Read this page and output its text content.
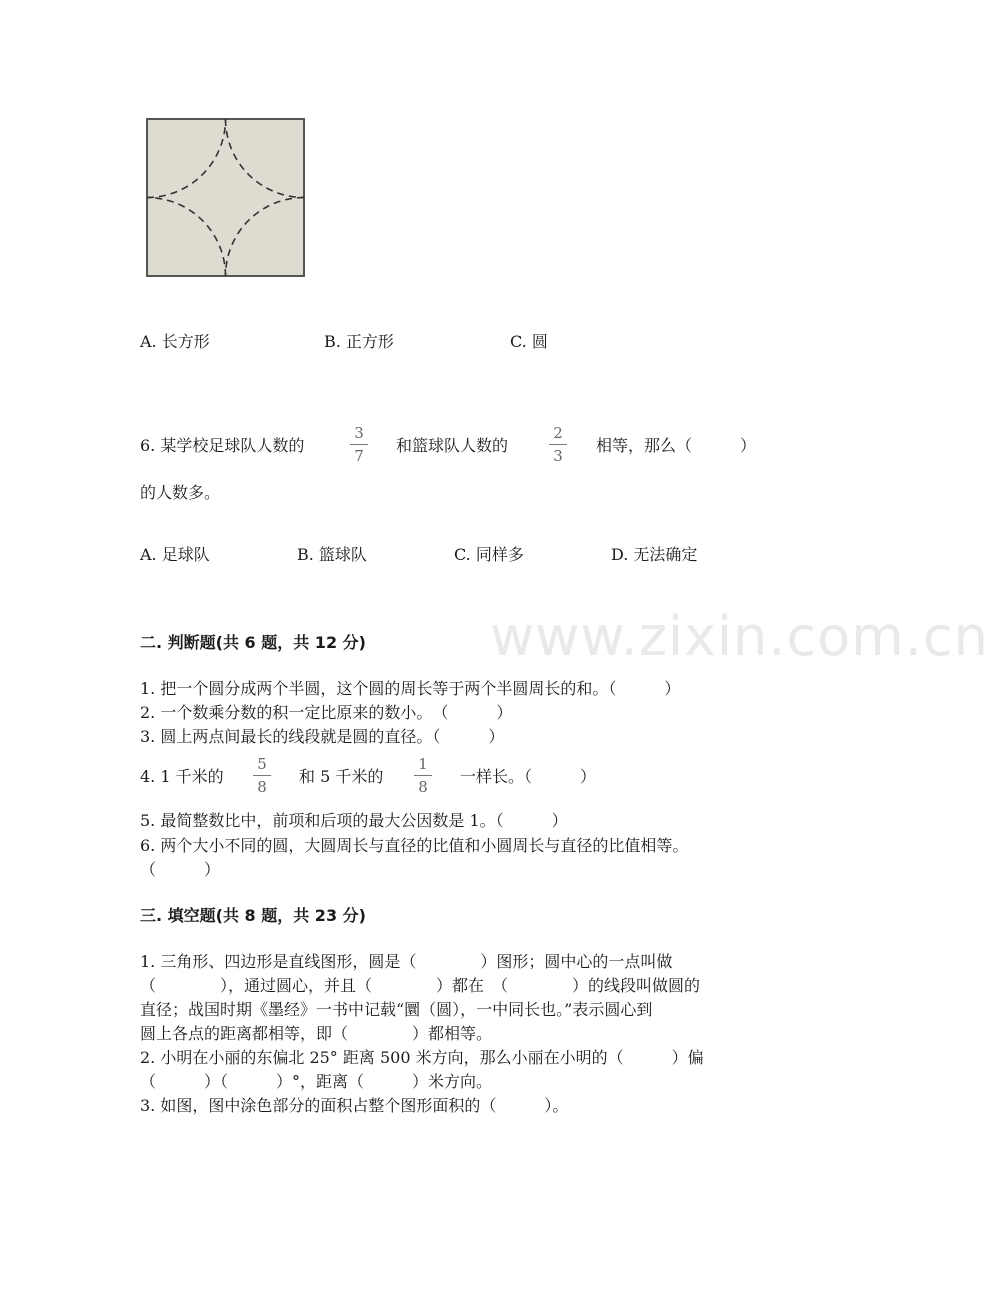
A. 长方形	B. 正方形	C. 圆
6. 某学校足球队人数的
3
7
和篮球队人数的
2
3
相等，那么（　　　）
的人数多。
A. 足球队	B. 篮球队	C. 同样多	D. 无法确定
www.zixin.com.cn
二. 判断题(共 6 题，共 12 分)
1. 把一个圆分成两个半圆，这个圆的周长等于两个半圆周长的和。（　　　）
2. 一个数乘分数的积一定比原来的数小。　（　　　）
3. 圆上两点间最长的线段就是圆的直径。（　　　）
4. 1 千米的
5
8
和 5 千米的
1
8
一样长。（　　　）
5. 最简整数比中，前项和后项的最大公因数是 1。（　　　）
6. 两个大小不同的圆，大圆周长与直径的比值和小圆周长与直径的比值相等。
（　　　）
三. 填空题(共 8 题，共 23 分)
1. 三角形、四边形是直线图形，圆是（　　　　）图形；圆中心的一点叫做
（　　　　），通过圆心，并且（　　　　）都在　（　　　　）的线段叫做圆的
直径；战国时期《墨经》一书中记载“圜（圆），一中同长也。”表示圆心到
圆上各点的距离都相等，即（　　　　）都相等。
2. 小明在小丽的东偏北 25° 距离 500 米方向，那么小丽在小明的（　　　）偏
（　　　）（　　　）°，距离（　　　）米方向。
3. 如图，图中涂色部分的面积占整个图形面积的（　　　）。
